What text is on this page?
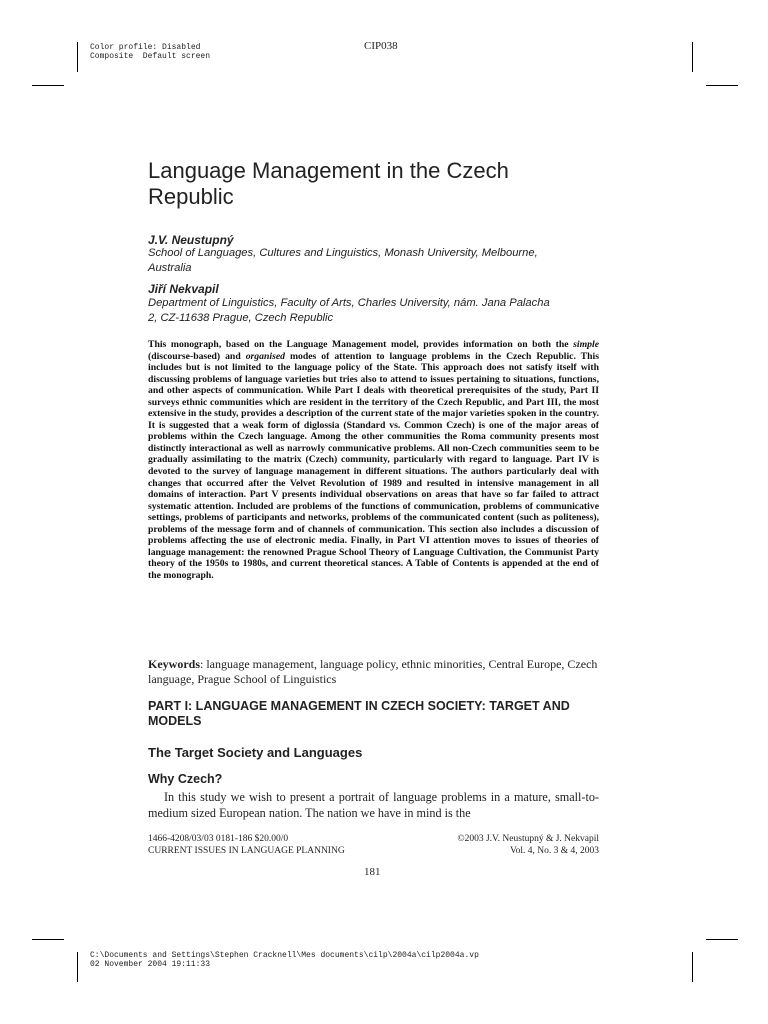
Color profile: Disabled
Composite  Default screen
CIP038
Language Management in the Czech
Republic
J.V. Neustupný
School of Languages, Cultures and Linguistics, Monash University, Melbourne,
Australia
Jiří Nekvapil
Department of Linguistics, Faculty of Arts, Charles University, nám. Jana Palacha
2, CZ-11638 Prague, Czech Republic
This monograph, based on the Language Management model, provides information on both the simple (discourse-based) and organised modes of attention to language problems in the Czech Republic. This includes but is not limited to the language policy of the State. This approach does not satisfy itself with discussing problems of language varieties but tries also to attend to issues pertaining to situations, functions, and other aspects of communication. While Part I deals with theoretical prerequisites of the study, Part II surveys ethnic communities which are resident in the territory of the Czech Republic, and Part III, the most extensive in the study, provides a description of the current state of the major varieties spoken in the country. It is suggested that a weak form of diglossia (Standard vs. Common Czech) is one of the major areas of problems within the Czech language. Among the other communities the Roma community presents most distinctly interactional as well as narrowly communicative problems. All non-Czech communities seem to be gradually assimilating to the matrix (Czech) community, particularly with regard to language. Part IV is devoted to the survey of language management in different situations. The authors particularly deal with changes that occurred after the Velvet Revolution of 1989 and resulted in intensive management in all domains of interaction. Part V presents individual observations on areas that have so far failed to attract systematic attention. Included are problems of the functions of communication, problems of communicative settings, problems of participants and networks, problems of the communicated content (such as politeness), problems of the message form and of channels of communication. This section also includes a discussion of problems affecting the use of electronic media. Finally, in Part VI attention moves to issues of theories of language management: the renowned Prague School Theory of Language Cultivation, the Communist Party theory of the 1950s to 1980s, and current theoretical stances. A Table of Contents is appended at the end of the monograph.
Keywords: language management, language policy, ethnic minorities, Central Europe, Czech language, Prague School of Linguistics
PART I: LANGUAGE MANAGEMENT IN CZECH SOCIETY: TARGET AND MODELS
The Target Society and Languages
Why Czech?
In this study we wish to present a portrait of language problems in a mature, small-to-medium sized European nation. The nation we have in mind is the
1466-4208/03/03 0181-186 $20.00/0
CURRENT ISSUES IN LANGUAGE PLANNING
©2003 J.V. Neustupný & J. Nekvapil
Vol. 4, No. 3 & 4, 2003
181
C:\Documents and Settings\Stephen Cracknell\Mes documents\cilp\2004a\cilp2004a.vp
02 November 2004 19:11:33
